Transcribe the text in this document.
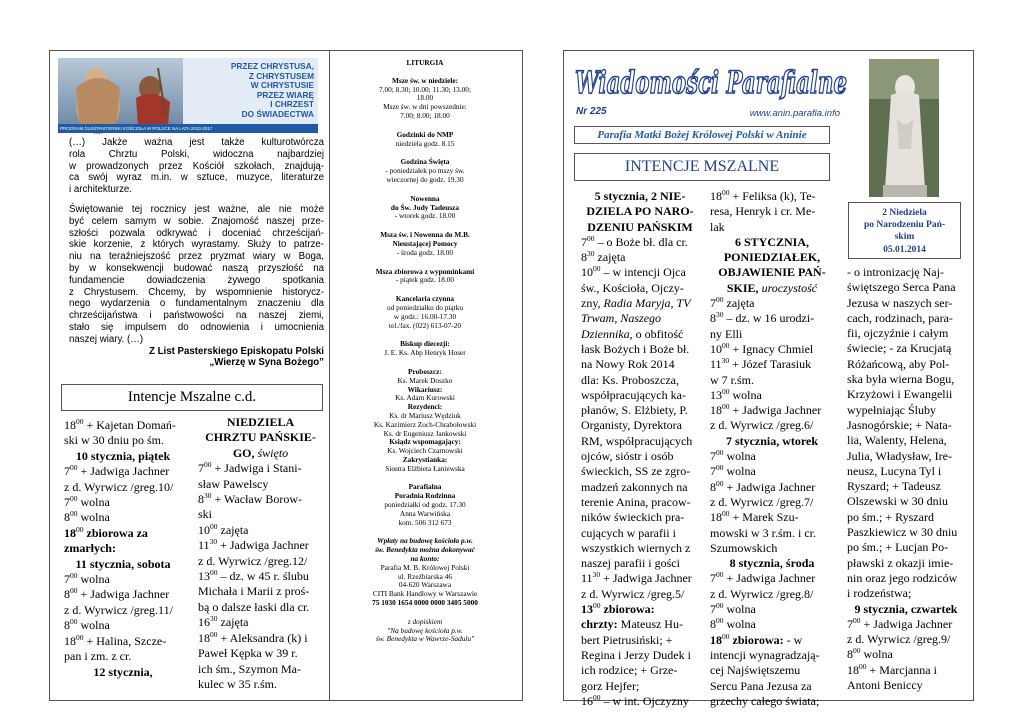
PRZEZ CHRYSTUSA,
Z CHRYSTUSEM
W CHRYSTUSIE
PRZEZ WIARĘ
I CHRZEST
DO ŚWIADECTWA
PROGRAM DUSZPASTERSKI KOŚCIOŁA W POLSCE NA LATA 2013-2017
(…) Jakże ważna jest także kulturotwórcza
rola Chrztu Polski, widoczna najbardziej
w prowadzonych przez Kościół szkołach, znajdują-
ca swój wyraz m.in. w sztuce, muzyce, literaturze
i architekturze.
Świętowanie tej rocznicy jest ważne, ale nie może
być celem samym w sobie. Znajomość naszej prze-
szłości pozwala odkrywać i doceniać chrześcijań-
skie korzenie, z których wyrastamy. Służy to patrze-
niu na teraźniejszość przez pryzmat wiary w Boga,
by w konsekwencji budować naszą przyszłość na
fundamencie dowiadczenia żywego spotkania
z Chrystusem. Chcemy, by wspomnienie historycz-
nego wydarzenia o fundamentalnym znaczeniu dla
chrześcijaństwa i państwowości na naszej ziemi,
stało się impulsem do odnowienia i umocnienia
naszej wiary. (…)
Z List Pasterskiego Episkopatu Polski
„Wierzę w Syna Bożego”
Intencje Mszalne c.d.
$18^{00}$ + Kajetan Domań-
ski w 30 dniu po śm.
10 stycznia, piątek
$7^{00}$ + Jadwiga Jachner
z d. Wyrwicz /greg.10/
$7^{00}$ wolna
$8^{00}$ wolna
$18^{00}$ zbiorowa za
zmarłych:
11 stycznia, sobota
$7^{00}$ wolna
$8^{00}$ + Jadwiga Jachner
z d. Wyrwicz /greg.11/
$8^{00}$ wolna
$18^{00}$ + Halina, Szcze-
pan i zm. z cr.
12 stycznia,
NIEDZIELA
CHRZTU PAŃSKIE-
GO, święto
$7^{00}$ + Jadwiga i Stani-
sław Pawelscy
$8^{30}$ + Wacław Borow-
ski
$10^{00}$ zajęta
$11^{30}$ + Jadwiga Jachner
z d. Wyrwicz /greg.12/
$13^{00}$ – dz. w 45 r. ślubu
Michała i Marii z proś-
bą o dalsze łaski dla cr.
$16^{30}$ zajęta
$18^{00}$ + Aleksandra (k) i
Paweł Kępka w 39 r.
ich śm., Szymon Ma-
kulec w 35 r.śm.
LITURGIA
Msze św. w niedziele:
7.00; 8.30; 10.00; 11.30; 13.00;
18.00
Msze św. w dni powszednie:
7.00; 8.00; 18.00
Godzinki do NMP
niedziela godz. 8.15
Godzina Święta
- poniedziałek po mszy św.
wieczornej do godz. 19.30
Nowenna
do Św. Judy Tadeusza
- wtorek godz. 18.00
Msza św. i Nowenna do M.B.
Nieustającej Pomocy
- środa godz. 18.00
Msza zbiorowa z wypominkami
- piątek godz. 18.00
Kancelaria czynna
od poniedziałku do piątku
w godz.: 16.00-17.30
tel./fax. (022) 613-07-20
Biskup diecezji:
J. E. Ks. Abp Henryk Hoser
Proboszcz:
Ks. Marek Doszko
Wikariusz:
Ks. Adam Kurowski
Rezydenci:
Ks. dr Mariusz Wędziuk
Ks. Kazimierz Zoch-Chrabołowski
Ks. dr Eugeniusz Jankowski
Ksiądz wspomagający:
Ks. Wojciech Czarnowski
Zakrystianka:
Siostra Elżbieta Łaniewska
Parafialna
Poradnia Rodzinna
poniedziałki od godz. 17.30
Anna Warwińska
kom. 506 312 673
Wpłaty na budowę kościoła p.w.
św. Benedykta można dokonywać
na konto:
Parafia M. B. Królowej Polski
ul. Rzeźbiarska 46
04-620 Warszawa
CITI Bank Handlowy w Warszawie
75 1030 1654 0000 0000 3405 5000
z dopiskiem
"Na budowę kościoła p.w.
św. Benedykta w Wawrze-Sadulu"
Wiadomości Parafialne
Nr 225	www.anin.parafia.info
Parafia Matki Bożej Królowej Polski w Aninie
INTENCJE MSZALNE
2 Niedziela
po Narodzeniu Pań-
skim
05.01.2014
5 stycznia, 2 NIE-
DZIELA PO NARO-
DZENIU PAŃSKIM
$7^{00}$ – o Boże bł. dla cr.
$8^{30}$ zajęta
$10^{00}$ – w intencji Ojca
św., Kościoła, Ojczy-
zny, Radia Maryja, TV
Trwam, Naszego
Dziennika, o obfitość
łask Bożych i Boże bł.
na Nowy Rok 2014
dla: Ks. Proboszcza,
współpracujących ka-
płanów, S. Elżbiety, P.
Organisty, Dyrektora
RM, współpracujących
ojców, sióstr i osób
świeckich, SS ze zgro-
madzeń zakonnych na
terenie Anina, pracow-
ników świeckich pra-
cujących w parafii i
wszystkich wiernych z
naszej parafii i gości
$11^{30}$ + Jadwiga Jachner
z d. Wyrwicz /greg.5/
$13^{00}$ zbiorowa:
chrzty: Mateusz Hu-
bert Pietrusiński; +
Regina i Jerzy Dudek i
ich rodzice; + Grze-
gorz Hejfer;
$16^{00}$ – w int. Ojczyzny
$18^{00}$ + Feliksa (k), Te-
resa, Henryk i cr. Me-
lak
6 STYCZNIA,
PONIEDZIAŁEK,
OBJAWIENIE PAŃ-
SKIE, uroczystość
$7^{00}$ zajęta
$8^{30}$ – dz. w 16 urodzi-
ny Elli
$10^{00}$ + Ignacy Chmiel
$11^{30}$ + Józef Tarasiuk
w 7 r.śm.
$13^{00}$ wolna
$18^{00}$ + Jadwiga Jachner
z d. Wyrwicz /greg.6/
7 stycznia, wtorek
$7^{00}$ wolna
$7^{00}$ wolna
$8^{00}$ + Jadwiga Jachner
z d. Wyrwicz /greg.7/
$18^{00}$ + Marek Szu-
mowski w 3 r.śm. i cr.
Szumowskich
8 stycznia, środa
$7^{00}$ + Jadwiga Jachner
z d. Wyrwicz /greg.8/
$7^{00}$ wolna
$8^{00}$ wolna
$18^{00}$ zbiorowa: - w
intencji wynagradzają-
cej Najświętszemu
Sercu Pana Jezusa za
grzechy całego świata;
- o intronizację Naj-
świętszego Serca Pana
Jezusa w naszych ser-
cach, rodzinach, para-
fii, ojczyźnie i całym
świecie; - za Krucjatą
Różańcową, aby Pol-
ska była wierna Bogu,
Krzyżowi i Ewangelii
wypełniając Śluby
Jasnogórskie; + Nata-
lia, Walenty, Helena,
Julia, Władysław, Ire-
neusz, Lucyna Tyl i
Ryszard; + Tadeusz
Olszewski w 30 dniu
po śm.; + Ryszard
Paszkiewicz w 30 dniu
po śm.; + Lucjan Po-
pławski z okazji imie-
nin oraz jego rodziców
i rodzeństwa;
9 stycznia, czwartek
$7^{00}$ + Jadwiga Jachner
z d. Wyrwicz /greg.9/
$8^{00}$ wolna
$18^{00}$ + Marcjanna i
Antoni Beniccy
